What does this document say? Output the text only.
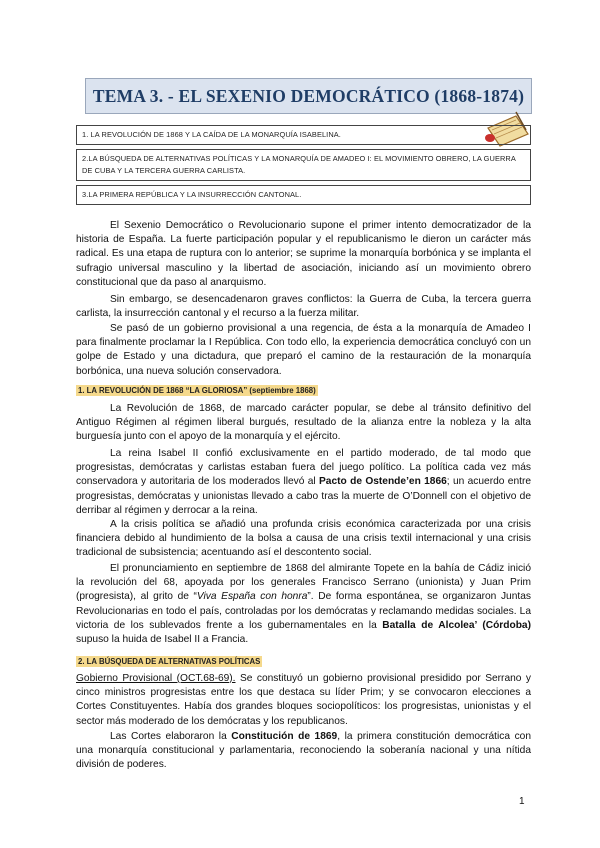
TEMA 3. - EL SEXENIO DEMOCRÁTICO (1868-1874)
1. LA REVOLUCIÓN DE 1868 Y LA CAÍDA DE LA MONARQUÍA ISABELINA.
2.LA BÚSQUEDA DE ALTERNATIVAS POLÍTICAS Y LA MONARQUÍA DE AMADEO I: EL MOVIMIENTO OBRERO, LA GUERRA DE CUBA Y LA TERCERA GUERRA CARLISTA.
3.LA PRIMERA REPÚBLICA Y LA INSURRECCIÓN CANTONAL.

El Sexenio Democrático o Revolucionario supone el primer intento democratizador de la historia de España. La fuerte participación popular y el republicanismo le dieron un carácter más radical. Es una etapa de ruptura con lo anterior; se suprime la monarquía borbónica y se implanta el sufragio universal masculino y la libertad de asociación, iniciando así un movimiento obrero constitucional que da paso al anarquismo.

Sin embargo, se desencadenaron graves conflictos: la Guerra de Cuba, la tercera guerra carlista, la insurrección cantonal y el recurso a la fuerza militar.

Se pasó de un gobierno provisional a una regencia, de ésta a la monarquía de Amadeo I para finalmente proclamar la I República. Con todo ello, la experiencia democrática concluyó con un golpe de Estado y una dictadura, que preparó el camino de la restauración de la monarquía borbónica, una nueva solución conservadora.

1. LA REVOLUCIÓN DE 1868 “LA GLORIOSA” (septiembre 1868)

La Revolución de 1868, de marcado carácter popular, se debe al tránsito definitivo del Antiguo Régimen al régimen liberal burgués, resultado de la alianza entre la nobleza y la alta burguesía junto con el apoyo de la monarquía y el ejército.

La reina Isabel II confió exclusivamente en el partido moderado, de tal modo que progresistas, demócratas y carlistas estaban fuera del juego político. La política cada vez más conservadora y autoritaria de los moderados llevó al Pacto de Ostende’en 1866; un acuerdo entre progresistas, demócratas y unionistas llevado a cabo tras la muerte de O’Donnell con el objetivo de derribar al régimen y derrocar a la reina.

A la crisis política se añadió una profunda crisis económica caracterizada por una crisis financiera debido al hundimiento de la bolsa a causa de una crisis textil internacional y una crisis tradicional de subsistencia; acentuando así el descontento social.

El pronunciamiento en septiembre de 1868 del almirante Topete en la bahía de Cádiz inició la revolución del 68, apoyada por los generales Francisco Serrano (unionista) y Juan Prim (progresista), al grito de “Viva España con honra”. De forma espontánea, se organizaron Juntas Revolucionarias en todo el país, controladas por los demócratas y reclamando medidas sociales. La victoria de los sublevados frente a los gubernamentales en la Batalla de Alcolea’ (Córdoba) supuso la huida de Isabel II a Francia.

2. LA BÚSQUEDA DE ALTERNATIVAS POLÍTICAS

Gobierno Provisional (OCT.68-69). Se constituyó un gobierno provisional presidido por Serrano y cinco ministros progresistas entre los que destaca su líder Prim; y se convocaron elecciones a Cortes Constituyentes. Había dos grandes bloques sociopolíticos: los progresistas, unionistas y el sector más moderado de los demócratas y los republicanos.

Las Cortes elaboraron la Constitución de 1869, la primera constitución democrática con una monarquía constitucional y parlamentaria, reconociendo la soberanía nacional y una nítida división de poderes.

1
